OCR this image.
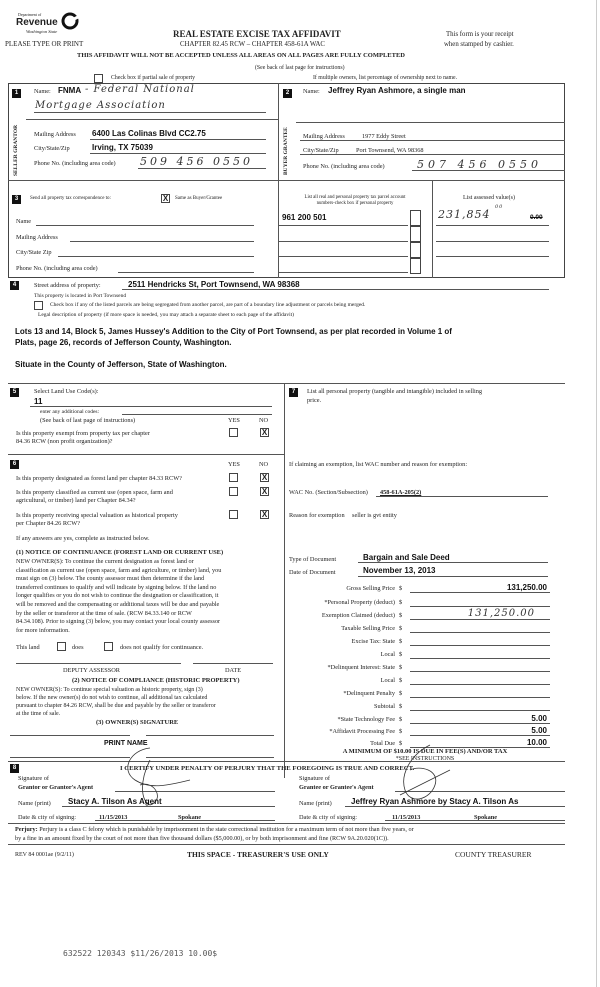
Department of
Revenue
Washington State
PLEASE TYPE OR PRINT
REAL ESTATE EXCISE TAX AFFIDAVIT
CHAPTER 82.45 RCW – CHAPTER 458-61A WAC
This form is your receipt
when stamped by cashier.
THIS AFFIDAVIT WILL NOT BE ACCEPTED UNLESS ALL AREAS ON ALL PAGES ARE FULLY COMPLETED
(See back of last page for instructions)
Check box if partial sale of property	If multiple owners, list percentage of ownership next to name.
1
SELLER GRANTOR
Name: FNMA - Federal National
Mortgage Association
Mailing Address 6400 Las Colinas Blvd CC2.75
City/State/Zip	Irving, TX 75039
Phone No. (including area code) 509 456 0550
2
BUYER GRANTEE
Name: Jeffrey Ryan Ashmore, a single man
Mailing Address	1977 Eddy Street
City/State/Zip	Port Townsend, WA 98368
Phone No. (including area code)	507 456 0550
3	Send all property tax correspondence to:	X	Same as Buyer/Grantee
Name
Mailing Address
City/State Zip
Phone No. (including area code)
List all real and personal property tax parcel account
numbers-check box if personal property
961 200 501
List assessed value(s)
231,854
00
0.00
4	Street address of property:	2511 Hendricks St, Port Townsend, WA 98368
This property is located in Port Townsend
Check box if any of the listed parcels are being segregated from another parcel, are part of a boundary line adjustment or parcels being merged.
Legal description of property (if more space is needed, you may attach a separate sheet to each page of the affidavit)
Lots 13 and 14, Block 5, James Hussey's Addition to the City of Port Townsend, as per plat recorded in Volume 1 of
Plats, page 26, records of Jefferson County, Washington.
Situate in the County of Jefferson, State of Washington.
5	Select Land Use Code(s):
11
enter any additional codes:
(See back of last page of instructions)	YES	NO
Is this property exempt from property tax per chapter
84.36 RCW (non profit organization)?
X
6	YES	NO
Is this property designated as forest land per chapter 84.33 RCW?	X
Is this property classified as current use (open space, farm and
agricultural, or timber) land per Chapter 84.34?
X
Is this property receiving special valuation as historical property
per Chapter 84.26 RCW?
X
If any answers are yes, complete as instructed below.
(1) NOTICE OF CONTINUANCE (FOREST LAND OR CURRENT USE)
NEW OWNER(S): To continue the current designation as forest land or
classification as current use (open space, farm and agriculture, or timber) land, you
must sign on (3) below. The county assessor must then determine if the land
transferred continues to qualify and will indicate by signing below. If the land no
longer qualifies or you do not wish to continue the designation or classification, it
will be removed and the compensating or additional taxes will be due and payable
by the seller or transferor at the time of sale. (RCW 84.33.140 or RCW
84.34.108). Prior to signing (3) below, you may contact your local county assessor
for more information.
This land	does	does not qualify for continuance.
DEPUTY ASSESSOR	DATE
(2) NOTICE OF COMPLIANCE (HISTORIC PROPERTY)
NEW OWNER(S): To continue special valuation as historic property, sign (3)
below. If the new owner(s) do not wish to continue, all additional tax calculated
pursuant to chapter 84.26 RCW, shall be due and payable by the seller or transferor
at the time of sale.
(3) OWNER(S) SIGNATURE
PRINT NAME
7	List all personal property (tangible and intangible) included in selling
price.
If claiming an exemption, list WAC number and reason for exemption:
WAC No. (Section/Subsection) 458-61A-205(2)
Reason for exemption seller is gvt entity
Type of Document	Bargain and Sale Deed
Date of Document	November 13, 2013
Gross Selling Price $	131,250.00
*Personal Property (deduct) $
Exemption Claimed (deduct) $	131,250.00
Taxable Selling Price $
Excise Tax: State $
Local $
*Delinquent Interest: State $
Local $
*Delinquent Penalty $
Subtotal $
*State Technology Fee $	5.00
*Affidavit Processing Fee $	5.00
Total Due $	10.00
A MINIMUM OF $10.00 IS DUE IN FEE(S) AND/OR TAX
*SEE INSTRUCTIONS
8	I CERTIFY UNDER PENALTY OF PERJURY THAT THE FOREGOING IS TRUE AND CORRECT.
Signature of
Grantor or Grantor's Agent
Signature of
Grantee or Grantee's Agent
Name (print) Stacy A. Tilson As Agent	Name (print) Jeffrey Ryan Ashmore by Stacy A. Tilson As
Date & city of signing:	11/15/2013	Spokane	Date & city of signing:	11/15/2013	Spokane
Perjury: Perjury is a class C felony which is punishable by imprisonment in the state correctional institution for a maximum term of not more than five years, or
by a fine in an amount fixed by the court of not more than five thousand dollars ($5,000.00), or by both imprisonment and fine (RCW 9A.20.020(1C)).
REV 84 0001ae (9/2/11)	THIS SPACE - TREASURER'S USE ONLY	COUNTY TREASURER
632522 120343 $11/26/2013 10.00$
